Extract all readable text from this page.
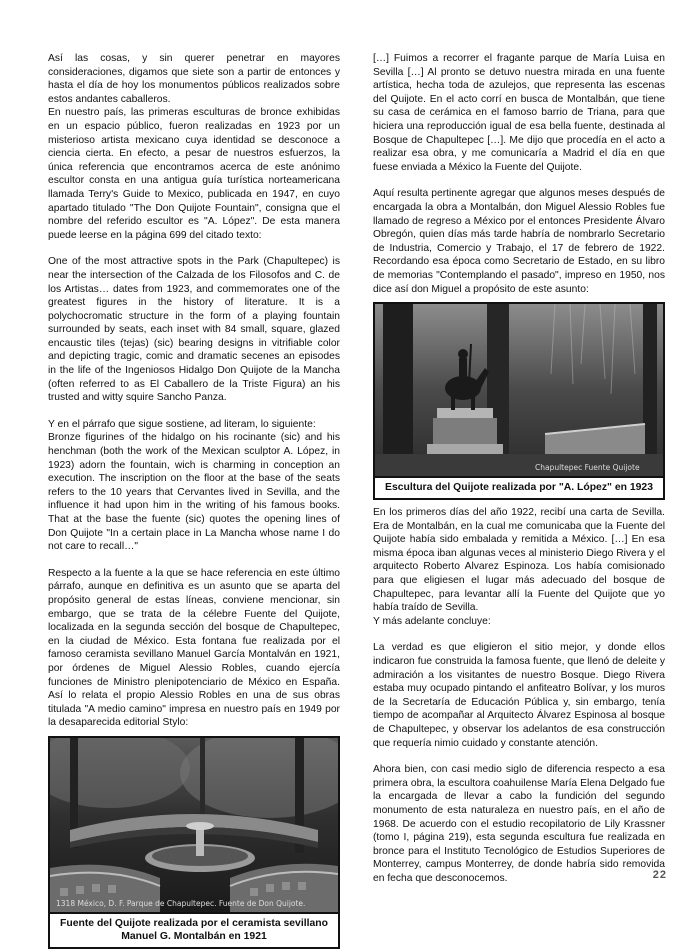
Así las cosas, y sin querer penetrar en mayores consideraciones, digamos que siete son a partir de entonces y hasta el día de hoy los monumentos públicos realizados sobre estos andantes caballeros.

En nuestro país, las primeras esculturas de bronce exhibidas en un espacio público, fueron realizadas en 1923 por un misterioso artista mexicano cuya identidad se desconoce a ciencia cierta. En efecto, a pesar de nuestros esfuerzos, la única referencia que encontramos acerca de este anónimo escultor consta en una antigua guía turística norteamericana llamada Terry's Guide to Mexico, publicada en 1947, en cuyo apartado titulado "The Don Quijote Fountain", consigna que el nombre del referido escultor es "A. López". De esta manera puede leerse en la página 699 del citado texto:

One of the most attractive spots in the Park (Chapultepec) is near the intersection of the Calzada de los Filosofos and C. de los Artistas… dates from 1923, and commemorates one of the greatest figures in the history of literature. It is a polychocromatic structure in the form of a playing fountain surrounded by seats, each inset with 84 small, square, glazed encaustic tiles (tejas) (sic) bearing designs in vitrifiable color and depicting tragic, comic and dramatic secenes an episodes in the life of the Ingeniosos Hidalgo Don Quijote de la Mancha (often referred to as El Caballero de la Triste Figura) an his trusted and witty squire Sancho Panza.

Y en el párrafo que sigue sostiene, ad literam, lo siguiente:

Bronze figurines of the hidalgo on his rocinante (sic) and his henchman (both the work of the Mexican sculptor A. López, in 1923) adorn the fountain, wich is charming in conception an execution. The inscription on the floor at the base of the seats refers to the 10 years that Cervantes lived in Sevilla, and the influence it had upon him in the writing of his famous books. That at the base the fuente (sic) quotes the opening lines of Don Quijote "In a certain place in La Mancha whose name I do not care to recall…"

Respecto a la fuente a la que se hace referencia en este último párrafo, aunque en definitiva es un asunto que se aparta del propósito general de estas líneas, conviene mencionar, sin embargo, que se trata de la célebre Fuente del Quijote, localizada en la segunda sección del bosque de Chapultepec, en la ciudad de México. Esta fontana fue realizada por el famoso ceramista sevillano Manuel García Montalván en 1921, por órdenes de Miguel Alessio Robles, cuando ejercía funciones de Ministro plenipotenciario de México en España. Así lo relata el propio Alessio Robles en una de sus obras titulada "A medio camino" impresa en nuestro país en 1949 por la desaparecida editorial Stylo:

1318 México, D. F. Parque de Chapultepec. Fuente de Don Quijote.
Fuente del Quijote realizada por el ceramista sevillano Manuel G. Montalbán en 1921

[…] Fuimos a recorrer el fragante parque de María Luisa en Sevilla […] Al pronto se detuvo nuestra mirada en una fuente artística, hecha toda de azulejos, que representa las escenas del Quijote. En el acto corrí en busca de Montalbán, que tiene su casa de cerámica en el famoso barrio de Triana, para que hiciera una reproducción igual de esa bella fuente, destinada al Bosque de Chapultepec […]. Me dijo que procedía en el acto a realizar esa obra, y me comunicaría a Madrid el día en que fuese enviada a México la Fuente del Quijote.

Aquí resulta pertinente agregar que algunos meses después de encargada la obra a Montalbán, don Miguel Alessio Robles fue llamado de regreso a México por el entonces Presidente Álvaro Obregón, quien días más tarde habría de nombrarlo Secretario de Industria, Comercio y Trabajo, el 17 de febrero de 1922. Recordando esa época como Secretario de Estado, en su libro de memorias "Contemplando el pasado", impreso en 1950, nos dice así don Miguel a propósito de este asunto:

Chapultepec Fuente Quijote
Escultura del Quijote realizada por "A. López" en 1923

En los primeros días del año 1922, recibí una carta de Sevilla. Era de Montalbán, en la cual me comunicaba que la Fuente del Quijote había sido embalada y remitida a México. […] En esa misma época iban algunas veces al ministerio Diego Rivera y el arquitecto Roberto Alvarez Espinoza. Los había comisionado para que eligiesen el lugar más adecuado del bosque de Chapultepec, para levantar allí la Fuente del Quijote que yo había traído de Sevilla.

Y más adelante concluye:

La verdad es que eligieron el sitio mejor, y donde ellos indicaron fue construida la famosa fuente, que llenó de deleite y admiración a los visitantes de nuestro Bosque. Diego Rivera estaba muy ocupado pintando el anfiteatro Bolívar, y los muros de la Secretaría de Educación Pública y, sin embargo, tenía tiempo de acompañar al Arquitecto Álvarez Espinosa al bosque de Chapultepec, y observar los adelantos de esa construcción que requería nimio cuidado y constante atención.

Ahora bien, con casi medio siglo de diferencia respecto a esa primera obra, la escultora coahuilense María Elena Delgado fue la encargada de llevar a cabo la fundición del segundo monumento de esta naturaleza en nuestro país, en el año de 1968. De acuerdo con el estudio recopilatorio de Lily Krassner (tomo I, página 219), esta segunda escultura fue realizada en bronce para el Instituto Tecnológico de Estudios Superiores de Monterrey, campus Monterrey, de donde habría sido removida en fecha que desconocemos.	22
